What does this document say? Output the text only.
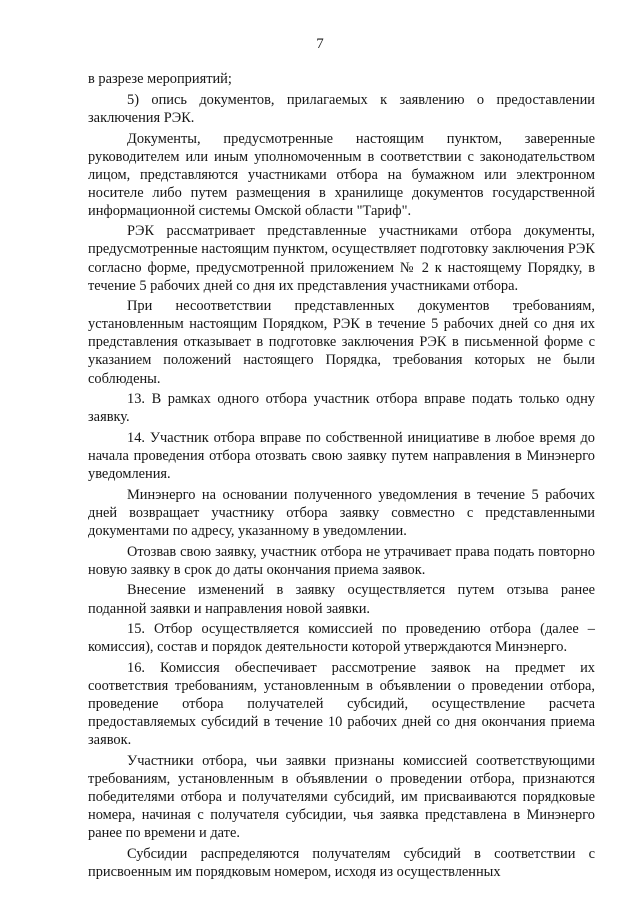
7

в разрезе мероприятий;

5) опись документов, прилагаемых к заявлению о предоставлении заключения РЭК.

Документы, предусмотренные настоящим пунктом, заверенные руководителем или иным уполномоченным в соответствии с законодательством лицом, представляются участниками отбора на бумажном или электронном носителе либо путем размещения в хранилище документов государственной информационной системы Омской области "Тариф".

РЭК рассматривает представленные участниками отбора документы, предусмотренные настоящим пунктом, осуществляет подготовку заключения РЭК согласно форме, предусмотренной приложением № 2 к настоящему Порядку, в течение 5 рабочих дней со дня их представления участниками отбора.

При несоответствии представленных документов требованиям, установленным настоящим Порядком, РЭК в течение 5 рабочих дней со дня их представления отказывает в подготовке заключения РЭК в письменной форме с указанием положений настоящего Порядка, требования которых не были соблюдены.

13. В рамках одного отбора участник отбора вправе подать только одну заявку.

14. Участник отбора вправе по собственной инициативе в любое время до начала проведения отбора отозвать свою заявку путем направления в Минэнерго уведомления.

Минэнерго на основании полученного уведомления в течение 5 рабочих дней возвращает участнику отбора заявку совместно с представленными документами по адресу, указанному в уведомлении.

Отозвав свою заявку, участник отбора не утрачивает права подать повторно новую заявку в срок до даты окончания приема заявок.

Внесение изменений в заявку осуществляется путем отзыва ранее поданной заявки и направления новой заявки.

15. Отбор осуществляется комиссией по проведению отбора (далее – комиссия), состав и порядок деятельности которой утверждаются Минэнерго.

16. Комиссия обеспечивает рассмотрение заявок на предмет их соответствия требованиям, установленным в объявлении о проведении отбора, проведение отбора получателей субсидий, осуществление расчета предоставляемых субсидий в течение 10 рабочих дней со дня окончания приема заявок.

Участники отбора, чьи заявки признаны комиссией соответствующими требованиям, установленным в объявлении о проведении отбора, признаются победителями отбора и получателями субсидий, им присваиваются порядковые номера, начиная с получателя субсидии, чья заявка представлена в Минэнерго ранее по времени и дате.

Субсидии распределяются получателям субсидий в соответствии с присвоенным им порядковым номером, исходя из осуществленных
